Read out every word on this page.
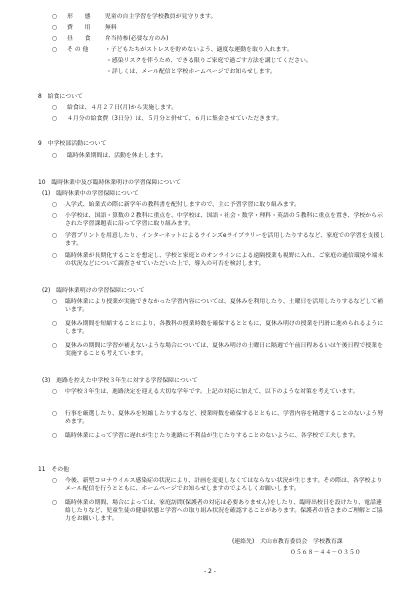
○ 形　　態 児童の自主学習を学校教員が見守ります。
○ 費　　用 無料
○ 昼　　食 弁当持参(必要な方のみ)
○ そ の 他	・子どもたちがストレスを貯めないよう、適度な運動を取り入れます。
・感染リスクを伴うため、できる限りご家庭で過ごす方法を講じてください。
・詳しくは、メール配信と学校ホームページでお知らせします。
8　給食について
○ 給食は、４月２７日(月)から実施します。
○ ４月分の給食費（3日分）は、５月分と併せて、６月に集金させていただきます。
9　中学校部活動について
○ 臨時休業期間は、活動を休止します。
10　臨時休業中及び臨時休業明けの学習保障について
(1)　臨時休業中の学習保障について
○ 入学式、始業式の際に新学年の教科書を配付しますので、主に予習学習に取り組みます。
○ 小学校は、国語・算数の２教科に重点を、中学校は、国語・社会・数学・理科・英語の５教科に重点を置き、学校から示された学習課題表に沿って学習に取り組みます。
○ 学習プリントを用意したり、インターネットによるラインズeライブラリーを活用したりするなど、家庭での学習を支援します。
○ 臨時休業が長期化することを想定し、学校と家庭とのオンラインによる遠隔授業も視野に入れ、ご家庭の通信環境や端末の状況などについて調査させていただいた上で、導入の可否を検討します。
(2)　臨時休業明けの学習保障について
○ 臨時休業により授業が実施できなかった学習内容については、夏休みを利用したり、土曜日を活用したりするなどして補います。
○ 夏休み期間を短縮することにより、各教科の授業時数を確保するとともに、夏休み明けの授業を円滑に進められるようにします。
○ 夏休みの期間に学習が補えないような場合については、夏休み明けの土曜日に隔週で午前日程あるいは午後日程で授業を実施することも考えています。
(3)　進路を控えた中学校３年生に対する学習保障について
○ 中学校３年生は、進路決定を迎える大切な学年です。上記の対応に加えて、以下のような対策を考えています。
○ 行事を厳選したり、夏休みを短縮したりするなど、授業時数を確保するとともに、学習内容を精選することのないよう努めます。
○ 臨時休業によって学習に遅れが生じたり進路に不利益が生じたりすることのないように、各学校で工夫します。
11　その他
○ 今後、新型コロナウイルス感染症の状況により、計画を変更しなくてはならない状況が生じます。その際は、各学校よりメール配信を行うとともに、ホームページでお知らせしますのでよろしくお願いします。
○ 臨時休業の期間、場合によっては、家庭訪問(保護者の対応は必要ありません)をしたり、臨時出校日を設けたり、電話連絡したりなど、児童生徒の健康状態と学習への取り組み状況を確認することがあります。保護者の皆さまのご理解とご協力をお願いします。
(連絡先)　犬山市教育委員会　学校教育課
０５６８－４４－０３５０
- 2 -
